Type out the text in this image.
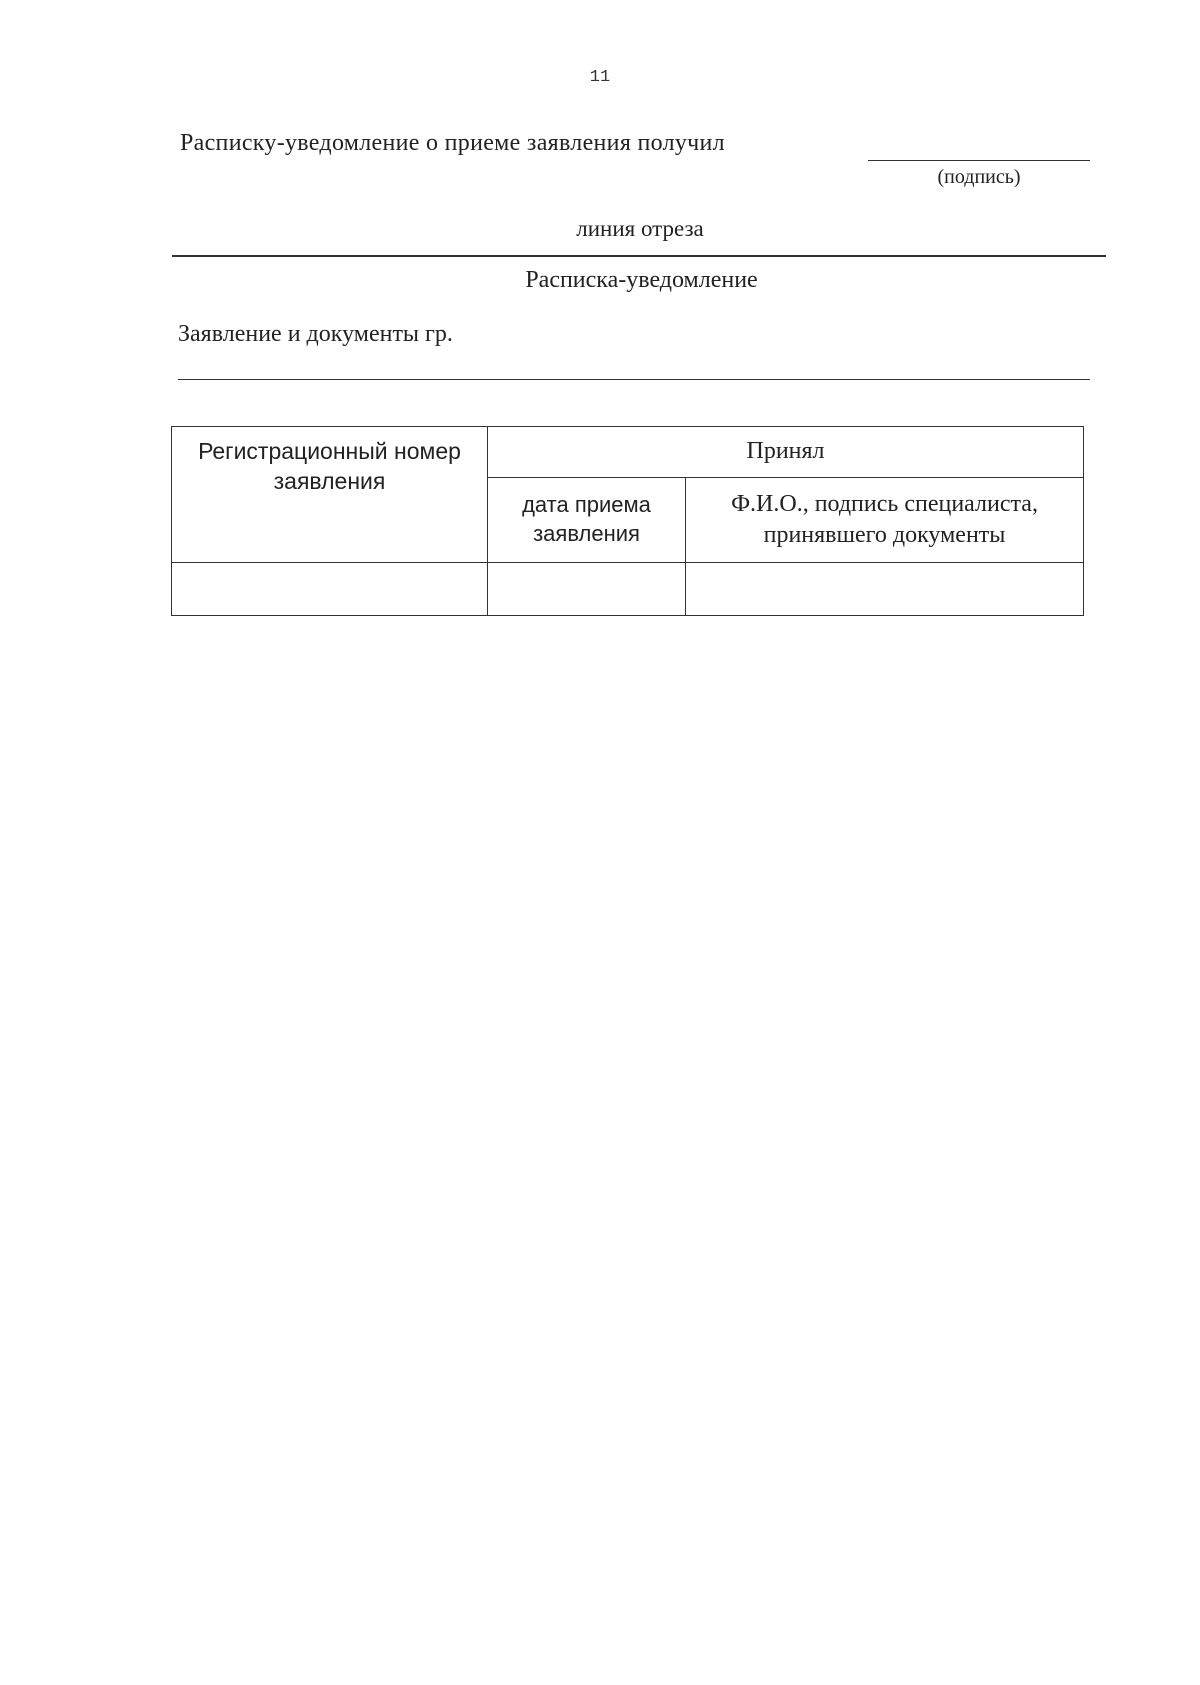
11
Расписку-уведомление о приеме заявления получил
(подпись)
линия отреза
Расписка-уведомление
Заявление и документы гр.
Регистрационный номер заявления	Принял	
	дата приема заявления	Ф.И.О., подпись специалиста, принявшего документы
